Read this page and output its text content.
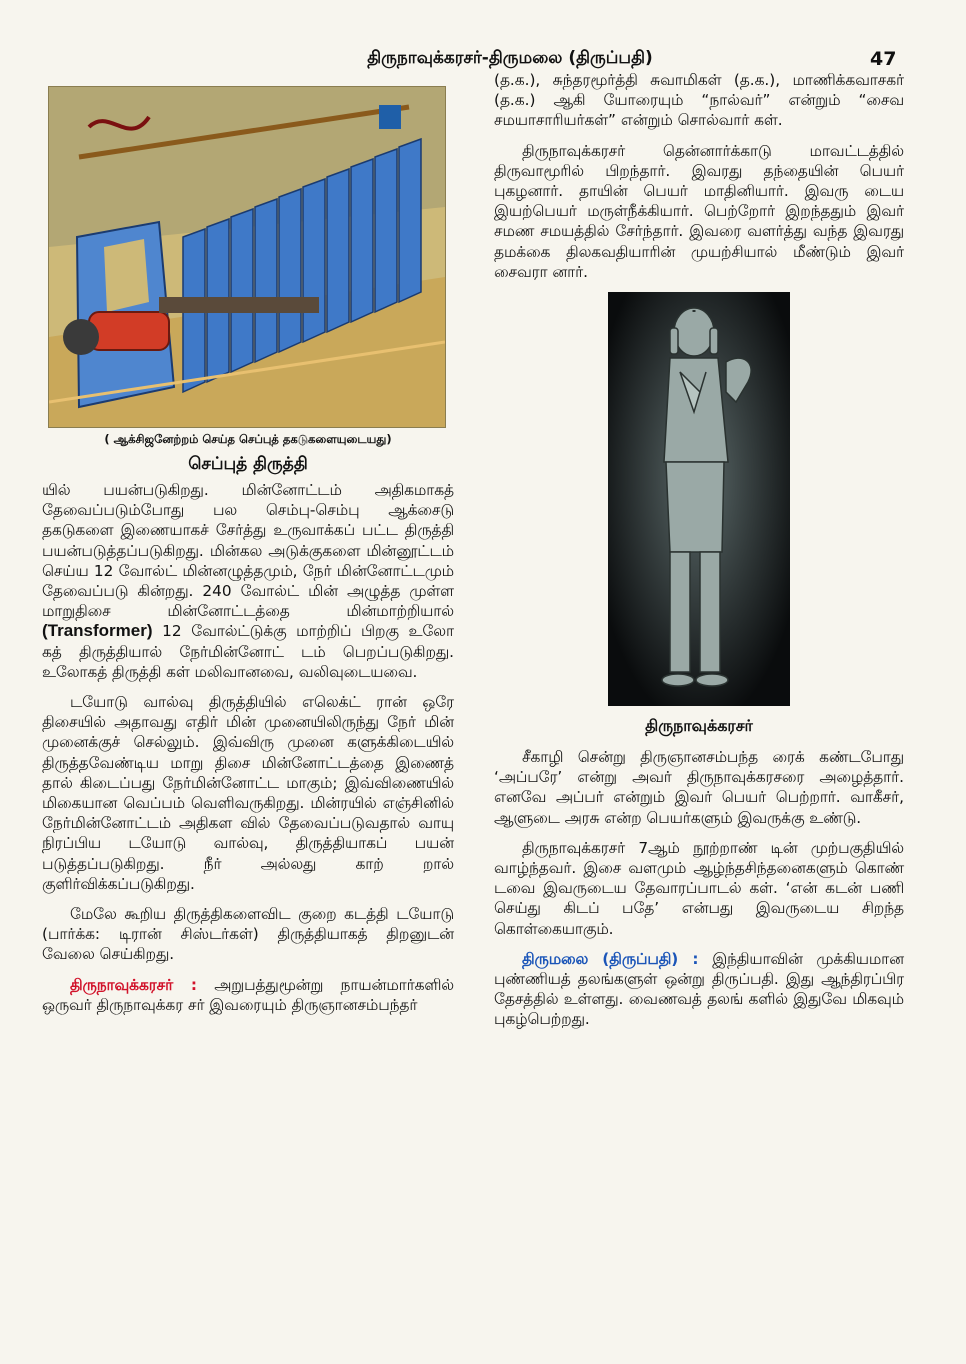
திருநாவுக்கரசர்-திருமலை (திருப்பதி)	47
( ஆக்சிஜனேற்றம் செய்த செப்புத் தகடுகளையுடையது)
செப்புத் திருத்தி

யில் பயன்படுகிறது. மின்னோட்டம் அதிகமாகத் தேவைப்படும்போது பல செம்பு-செம்பு ஆக்சைடு தகடுகளை இணையாகச் சேர்த்து உருவாக்கப் பட்ட திருத்தி பயன்படுத்தப்படுகிறது. மின்கல அடுக்குகளை மின்னூட்டம் செய்ய 12 வோல்ட் மின்னழுத்தமும், நேர் மின்னோட்டமும் தேவைப்படு கின்றது. 240 வோல்ட் மின் அழுத்த முள்ள மாறுதிசை மின்னோட்டத்தை மின்மாற்றியால் (Transformer) 12 வோல்ட்டுக்கு மாற்றிப் பிறகு உலோ கத் திருத்தியால் நேர்மின்னோட் டம் பெறப்படுகிறது. உலோகத் திருத்தி கள் மலிவானவை, வலிவுடையவை.

டயோடு வால்வு திருத்தியில் எலெக்ட் ரான் ஒரே திசையில் அதாவது எதிர் மின் முனையிலிருந்து நேர் மின் முனைக்குச் செல்லும். இவ்விரு முனை களுக்கிடையில் திருத்தவேண்டிய மாறு திசை மின்னோட்டத்தை இணைத் தால் கிடைப்பது நேர்மின்னோட்ட மாகும்; இவ்விணையில் மிகையான வெப்பம் வெளிவருகிறது. மின்ரயில் எஞ்சினில் நேர்மின்னோட்டம் அதிகள வில் தேவைப்படுவதால் வாயு நிரப்பிய டயோடு வால்வு, திருத்தியாகப் பயன் படுத்தப்படுகிறது. நீர் அல்லது காற் றால் குளிர்விக்கப்படுகிறது.

மேலே கூறிய திருத்திகளைவிட குறை கடத்தி டயோடு (பார்க்க: டிரான் சிஸ்டர்கள்) திருத்தியாகத் திறனுடன் வேலை செய்கிறது.

திருநாவுக்கரசர் : அறுபத்துமூன்று நாயன்மார்களில் ஒருவர் திருநாவுக்கர சர் இவரையும் திருஞானசம்பந்தர்

(த.க.), சுந்தரமூர்த்தி சுவாமிகள் (த.க.), மாணிக்கவாசகர் (த.க.) ஆகி யோரையும் “நால்வர்” என்றும் “சைவ சமயாசாரியர்கள்” என்றும் சொல்வார் கள்.

திருநாவுக்கரசர் தென்னார்க்காடு மாவட்டத்தில் திருவாமூரில் பிறந்தார். இவரது தந்தையின் பெயர் புகழனார். தாயின் பெயர் மாதினியார். இவரு டைய இயற்பெயர் மருள்நீக்கியார். பெற்றோர் இறந்ததும் இவர் சமண சமயத்தில் சேர்ந்தார். இவரை வளர்த்து வந்த இவரது தமக்கை திலகவதியாரின் முயற்சியால் மீண்டும் இவர் சைவரா னார்.

திருநாவுக்கரசர்

சீகாழி சென்று திருஞானசம்பந்த ரைக் கண்டபோது ‘அப்பரே’ என்று அவர் திருநாவுக்கரசரை அழைத்தார். எனவே அப்பர் என்றும் இவர் பெயர் பெற்றார். வாகீசர், ஆளுடை அரசு என்ற பெயர்களும் இவருக்கு உண்டு.

திருநாவுக்கரசர் 7ஆம் நூற்றாண் டின் முற்பகுதியில் வாழ்ந்தவர். இசை வளமும் ஆழ்ந்தசிந்தனைகளும் கொண் டவை இவருடைய தேவாரப்பாடல் கள். ‘என் கடன் பணி செய்து கிடப் பதே’ என்பது இவருடைய சிறந்த கொள்கையாகும்.

திருமலை (திருப்பதி) : இந்தியாவின் முக்கியமான புண்ணியத் தலங்களுள் ஒன்று திருப்பதி. இது ஆந்திரப்பிர தேசத்தில் உள்ளது. வைணவத் தலங் களில் இதுவே மிகவும் புகழ்பெற்றது.
